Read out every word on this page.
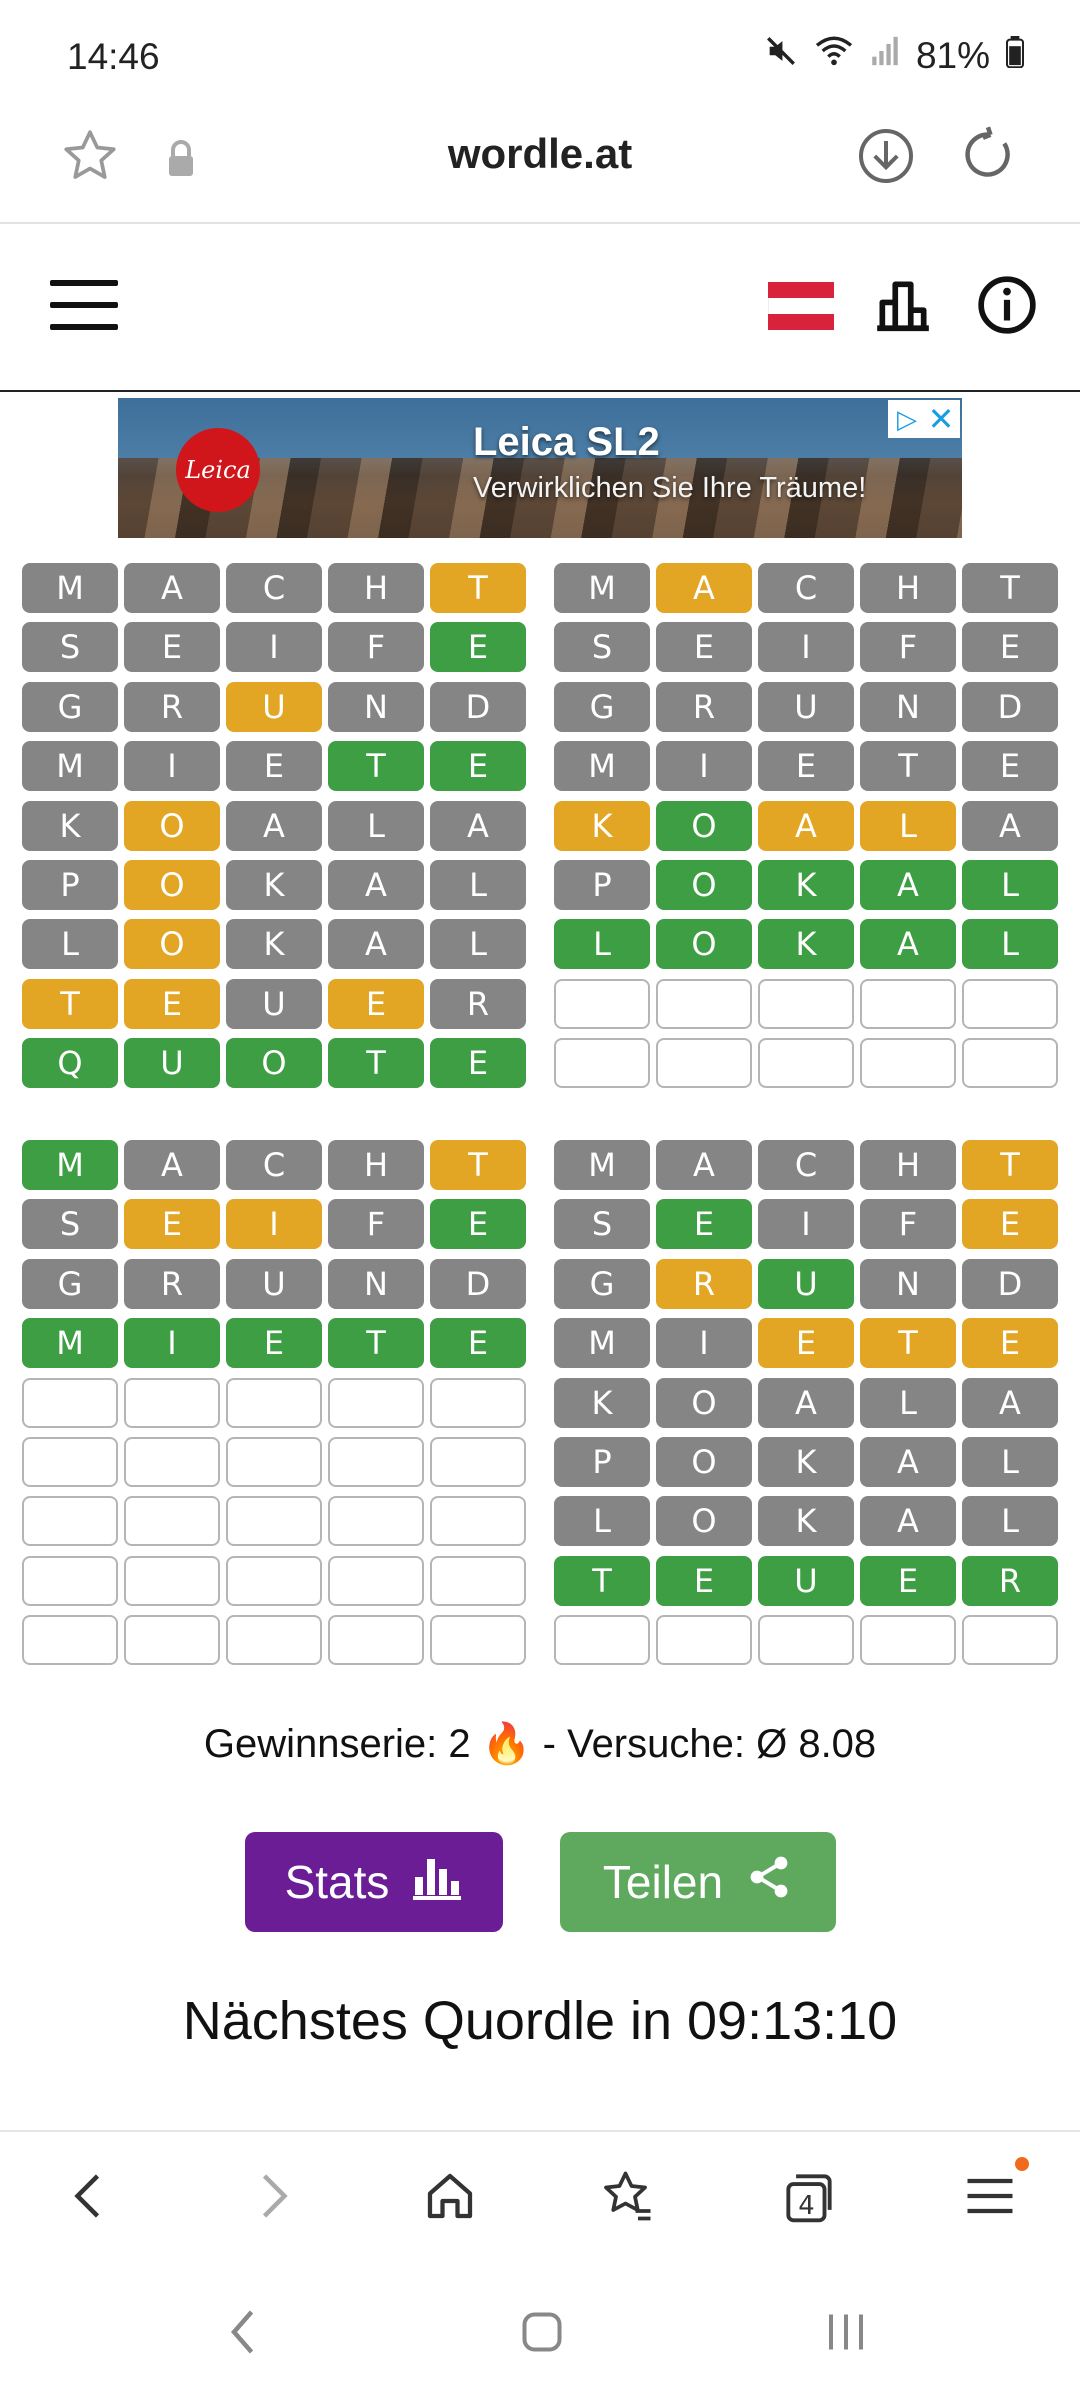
14:46	81%
wordle.at
Leica
Leica SL2
Verwirklichen Sie Ihre Träume!
▷ ✕
M	A	C	H	T
S	E	I	F	E
G	R	U	N	D
M	I	E	T	E
K	O	A	L	A
P	O	K	A	L
L	O	K	A	L
T	E	U	E	R
Q	U	O	T	E
M	A	C	H	T
S	E	I	F	E
G	R	U	N	D
M	I	E	T	E
K	O	A	L	A
P	O	K	A	L
L	O	K	A	L
M	A	C	H	T
S	E	I	F	E
G	R	U	N	D
M	I	E	T	E
M	A	C	H	T
S	E	I	F	E
G	R	U	N	D
M	I	E	T	E
K	O	A	L	A
P	O	K	A	L
L	O	K	A	L
T	E	U	E	R
Gewinnserie: 2 🔥 - Versuche: Ø 8.08
Stats	Teilen
Nächstes Quordle in 09:13:10
4
